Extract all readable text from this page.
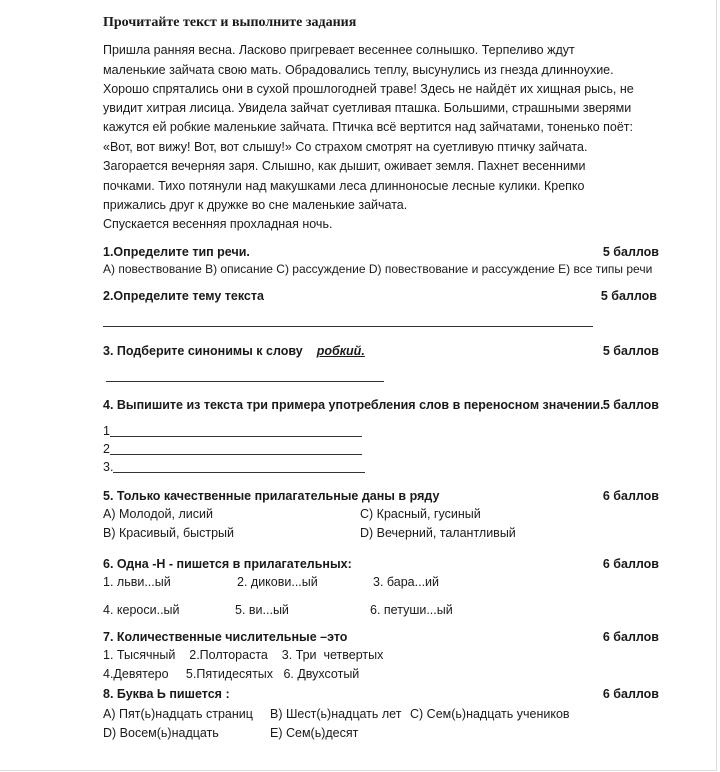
Прочитайте текст и выполните задания
Пришла ранняя весна. Ласково пригревает весеннее солнышко. Терпеливо ждут
маленькие зайчата свою мать. Обрадовались теплу, высунулись из гнезда длинноухие.
Хорошо спрятались они в сухой прошлогодней траве! Здесь не найдёт их хищная рысь, не
увидит хитрая лисица. Увидела зайчат суетливая пташка. Большими, страшными зверями
кажутся ей робкие маленькие зайчата. Птичка всё вертится над зайчатами, тоненько поёт:
«Вот, вот вижу! Вот, вот слышу!» Со страхом смотрят на суетливую птичку зайчата.
Загорается вечерняя заря. Слышно, как дышит, оживает земля. Пахнет весенними
почками. Тихо потянули над макушками леса длинноносые лесные кулики. Крепко
прижались друг к дружке во сне маленькие зайчата.
Спускается весенняя прохладная ночь.
1.Определите тип речи.	5 баллов
А) повествование В) описание С) рассуждение D) повествование и рассуждение Е) все типы речи
2.Определите тему текста	5 баллов
3. Подберите синонимы к слову робкий.	5 баллов
4. Выпишите из текста три примера употребления слов в переносном значении. 5 баллов
1
2
3.
5. Только качественные прилагательные даны в ряду	6 баллов
А) Молодой, лисий	С) Красный, гусиный
В) Красивый, быстрый	D) Вечерний, талантливый
6. Одна -Н - пишется в прилагательных:	6 баллов
1. льви...ый	2. дикови...ый	3. бара...ий
4. кероси..ый	5. ви...ый	6. петуши...ый
7. Количественные числительные –это	6 баллов
1. Тысячный    2.Полтораста    3. Три  четвертых
4.Девятеро     5.Пятидесятых   6. Двухсотый
8. Буква Ь пишется :	6 баллов
А) Пят(ь)надцать страниц В) Шест(ь)надцать лет С) Сем(ь)надцать учеников
D) Восем(ь)надцать	Е) Сем(ь)десят
